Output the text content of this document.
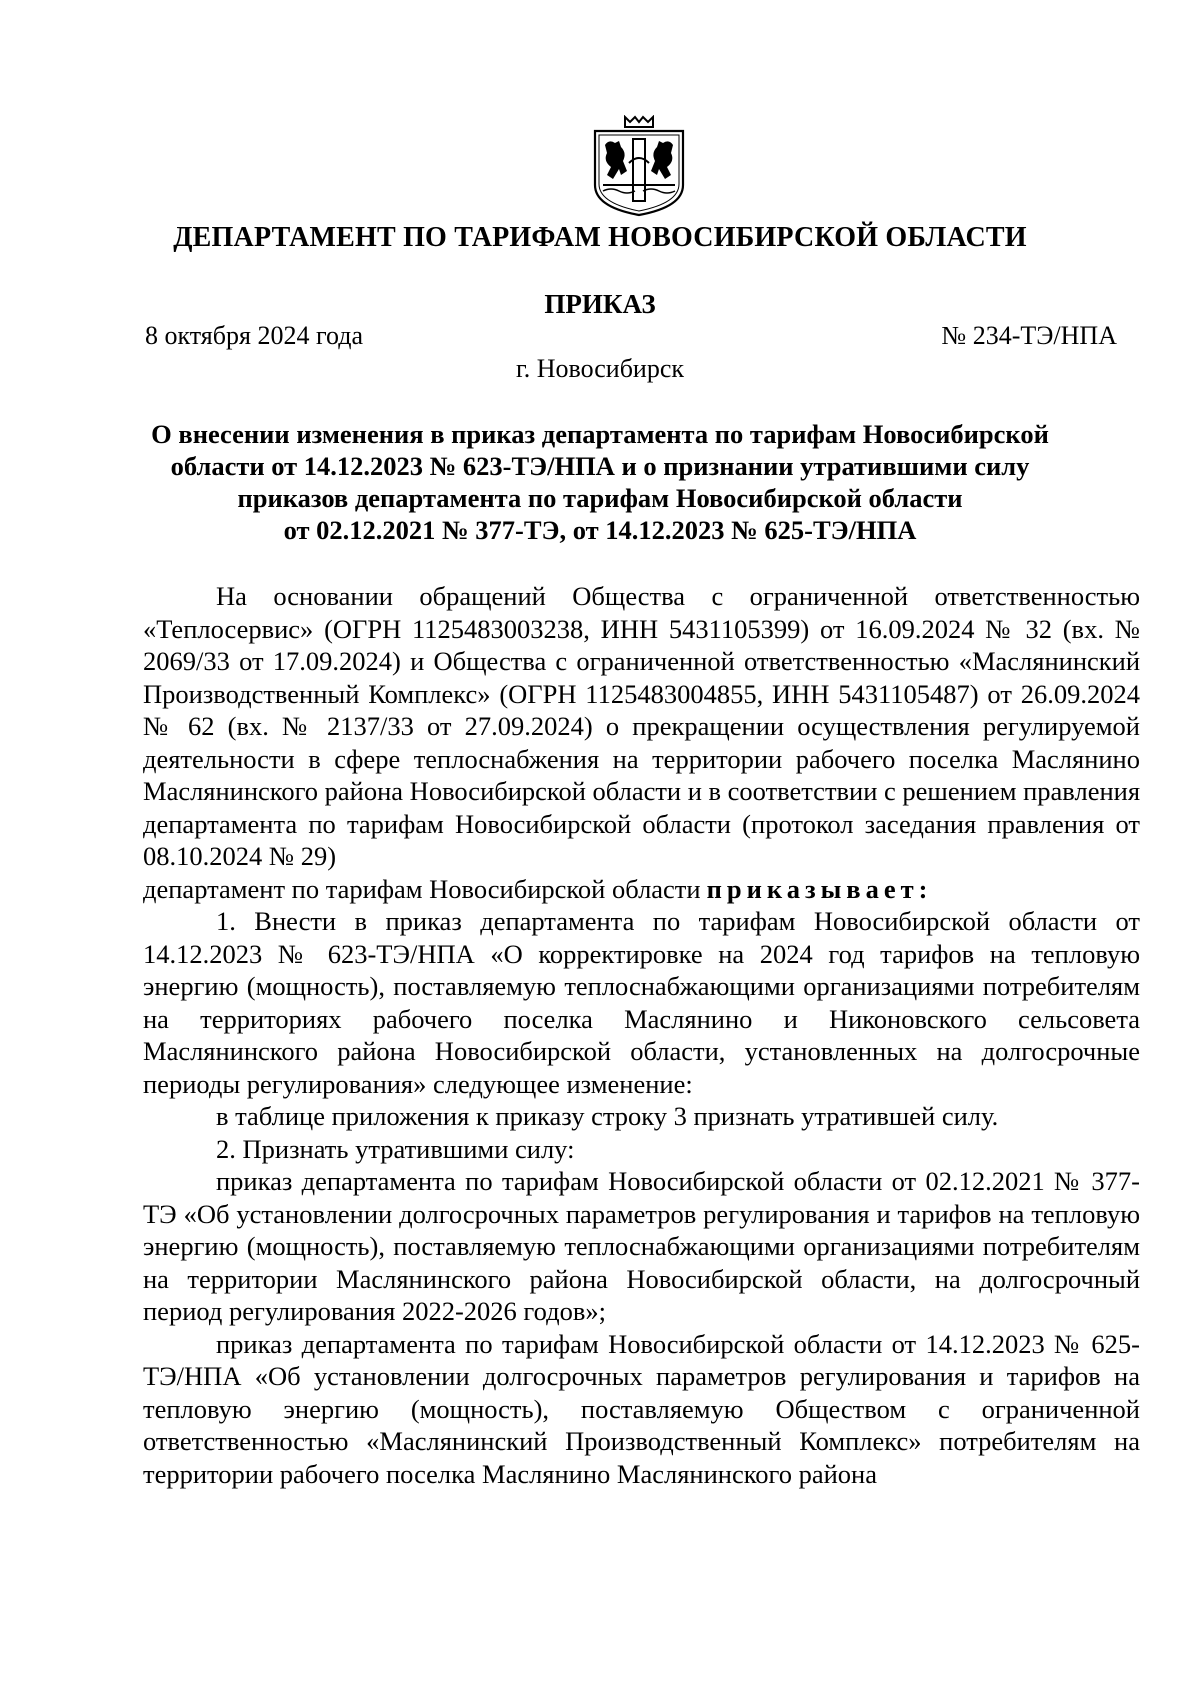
ДЕПАРТАМЕНТ ПО ТАРИФАМ НОВОСИБИРСКОЙ ОБЛАСТИ
ПРИКАЗ
8 октября 2024 года	№ 234-ТЭ/НПА
г. Новосибирск
О внесении изменения в приказ департамента по тарифам Новосибирской
области от 14.12.2023 № 623-ТЭ/НПА и о признании утратившими силу
приказов департамента по тарифам Новосибирской области
от 02.12.2021 № 377-ТЭ, от 14.12.2023 № 625-ТЭ/НПА

На основании обращений Общества с ограниченной ответственностью «Теплосервис» (ОГРН 1125483003238, ИНН 5431105399) от 16.09.2024 № 32 (вх. № 2069/33 от 17.09.2024) и Общества с ограниченной ответственностью «Маслянинский Производственный Комплекс» (ОГРН 1125483004855, ИНН 5431105487) от 26.09.2024 № 62 (вх. № 2137/33 от 27.09.2024) о прекращении осуществления регулируемой деятельности в сфере теплоснабжения на территории рабочего поселка Маслянино Маслянинского района Новосибирской области и в соответствии с решением правления департамента по тарифам Новосибирской области (протокол заседания правления от 08.10.2024 № 29)

департамент по тарифам Новосибирской области приказывает:

1. Внести в приказ департамента по тарифам Новосибирской области от 14.12.2023 № 623-ТЭ/НПА «О корректировке на 2024 год тарифов на тепловую энергию (мощность), поставляемую теплоснабжающими организациями потребителям на территориях рабочего поселка Маслянино и Никоновского сельсовета Маслянинского района Новосибирской области, установленных на долгосрочные периоды регулирования» следующее изменение:

в таблице приложения к приказу строку 3 признать утратившей силу.

2. Признать утратившими силу:

приказ департамента по тарифам Новосибирской области от 02.12.2021 № 377-ТЭ «Об установлении долгосрочных параметров регулирования и тарифов на тепловую энергию (мощность), поставляемую теплоснабжающими организациями потребителям на территории Маслянинского района Новосибирской области, на долгосрочный период регулирования 2022-2026 годов»;

приказ департамента по тарифам Новосибирской области от 14.12.2023 № 625-ТЭ/НПА «Об установлении долгосрочных параметров регулирования и тарифов на тепловую энергию (мощность), поставляемую Обществом с ограниченной ответственностью «Маслянинский Производственный Комплекс» потребителям на территории рабочего поселка Маслянино Маслянинского района
